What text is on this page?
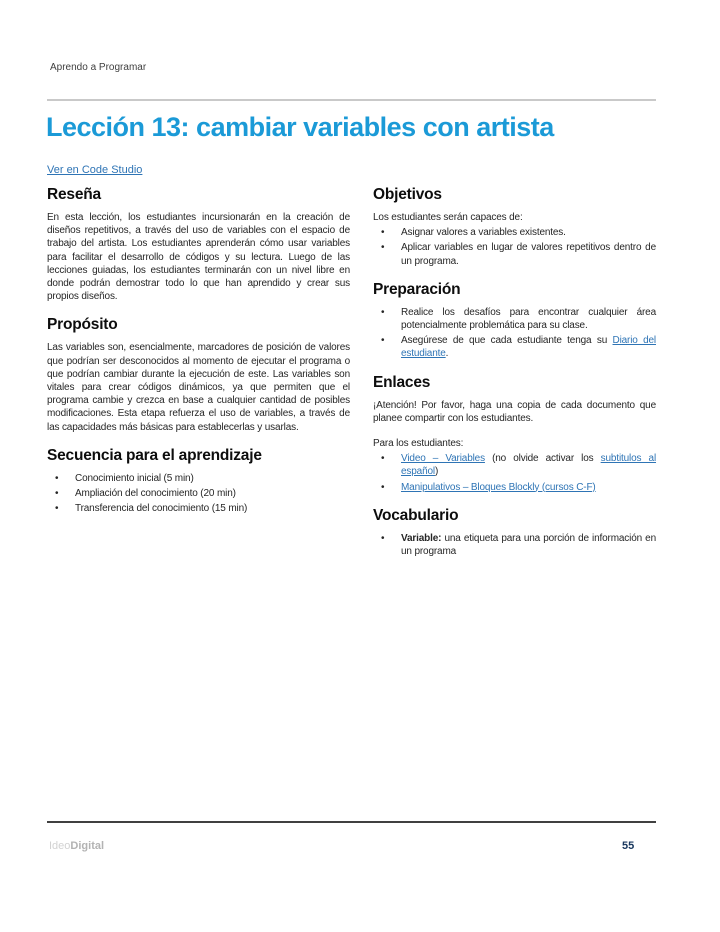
Aprendo a Programar
Lección 13: cambiar variables con artista
Ver en Code Studio
Reseña

En esta lección, los estudiantes incursionarán en la creación de diseños repetitivos, a través del uso de variables con el espacio de trabajo del artista. Los estudiantes aprenderán cómo usar variables para facilitar el desarrollo de códigos y su lectura. Luego de las lecciones guiadas, los estudiantes terminarán con un nivel libre en donde podrán demostrar todo lo que han aprendido y crear sus propios diseños.

Propósito

Las variables son, esencialmente, marcadores de posición de valores que podrían ser desconocidos al momento de ejecutar el programa o que podrían cambiar durante la ejecución de este. Las variables son vitales para crear códigos dinámicos, ya que permiten que el programa cambie y crezca en base a cualquier cantidad de posibles modificaciones. Esta etapa refuerza el uso de variables, a través de las capacidades más básicas para establecerlas y usarlas.

Secuencia para el aprendizaje
•	Conocimiento inicial (5 min)
•	Ampliación del conocimiento (20 min)
•	Transferencia del conocimiento (15 min)
Objetivos

Los estudiantes serán capaces de:

•	Asignar valores a variables existentes.
•	Aplicar variables en lugar de valores repetitivos dentro de un programa.
Preparación
•	Realice los desafíos para encontrar cualquier área potencialmente problemática para su clase.
•	Asegúrese de que cada estudiante tenga su Diario del estudiante.
Enlaces

¡Atención! Por favor, haga una copia de cada documento que planee compartir con los estudiantes.

Para los estudiantes:

•	Video – Variables (no olvide activar los subtitulos al español)
•	Manipulativos – Bloques Blockly (cursos C-F)
Vocabulario
•	Variable: una etiqueta para una porción de información en un programa
IdeoDigital	55
